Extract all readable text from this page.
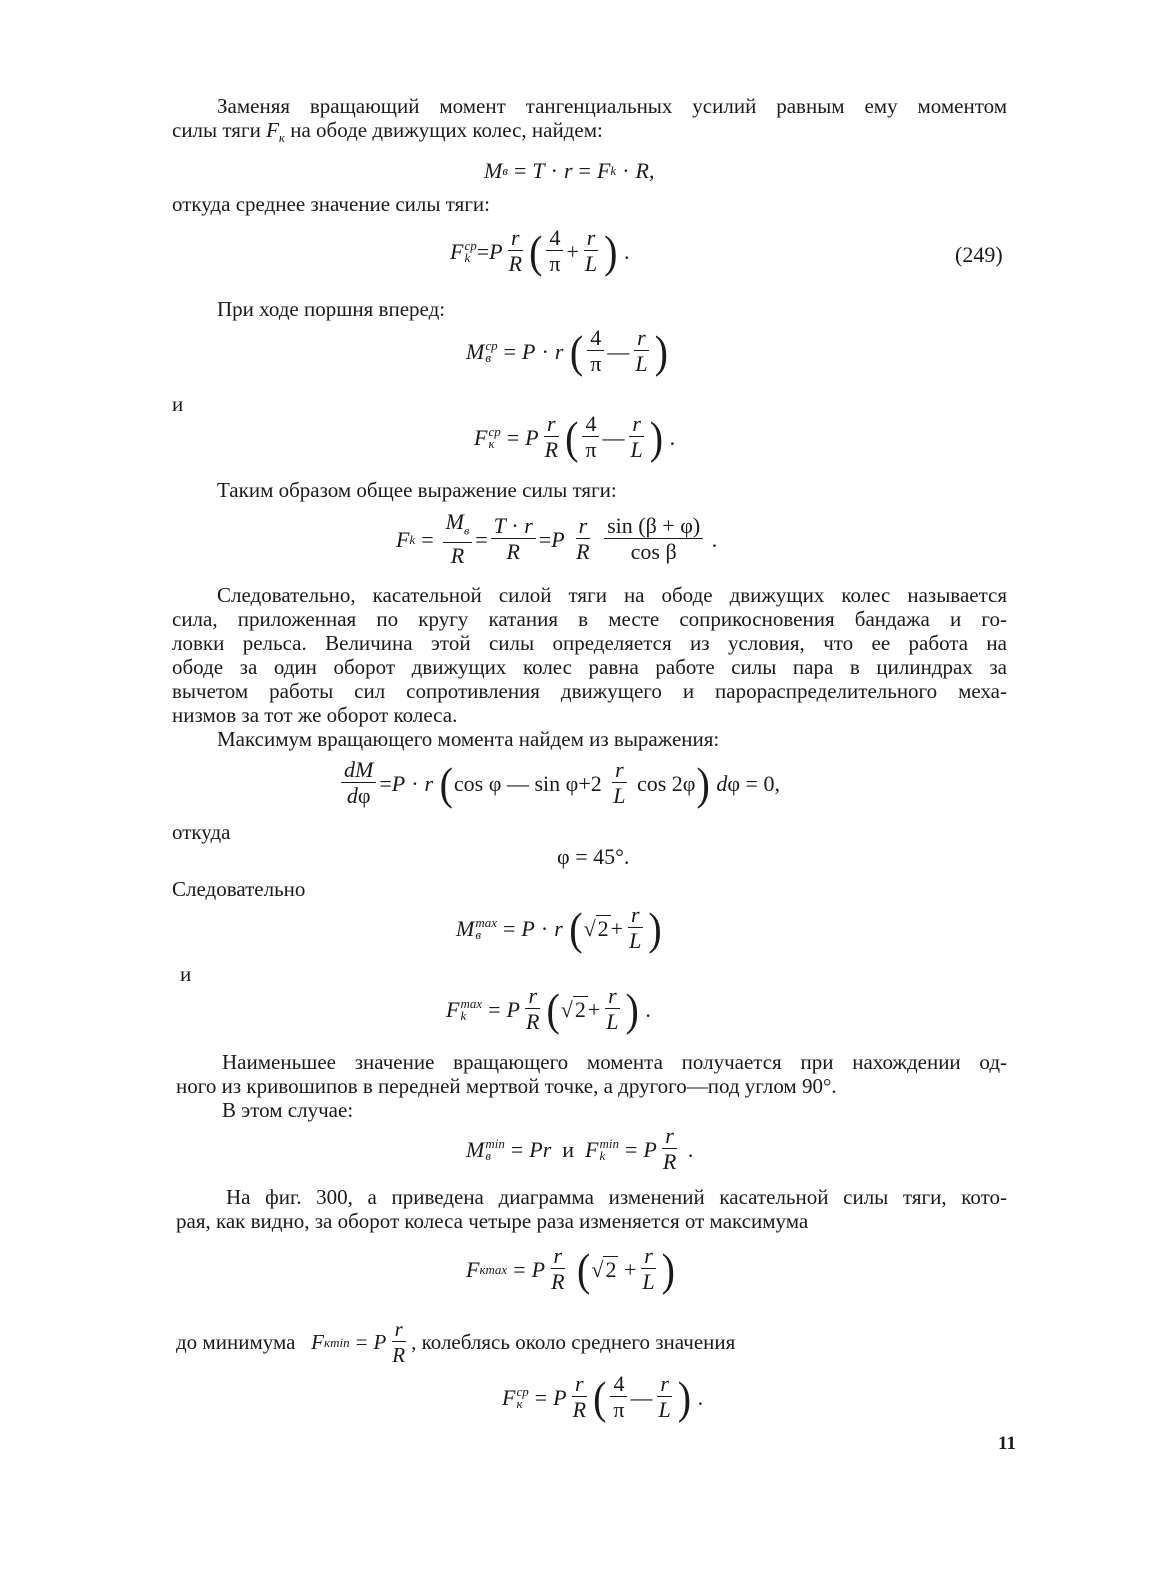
Заменяя вращающий момент тангенциальных усилий равным ему моментом
силы тяги $F_к$ на ободе движущих колес, найдем:
M в = T · r = F k · R ,
откуда среднее значение силы тяги:
F ср
k = P $\frac{r}{R}$ ( $\frac{4}{\pi} + \frac{r}{L}$ ) .	(249)
При ходе поршня вперед:
M ср
в = P · r
( $\frac{4}{\pi}$ — $\frac{r}{L}$ )
и
F ср
к = P $\frac{r}{R}$ ( $\frac{4}{\pi}$ — $\frac{r}{L}$ ) .
Таким образом общее выражение силы тяги:
F $k = \frac{M_в}{R} = \frac{T \cdot r}{R} = P$
$\frac{r}{R}$
$\frac{\sin (\beta + \varphi)}{\text{cos β}}$ .
Следовательно, касательной силой тяги на ободе движущих колес называется
сила, приложенная по кругу катания в месте соприкосновения бандажа и го-
ловки рельса. Величина этой силы определяется из условия, что ее работа на
ободе за один оборот движущих колес равна работе силы пара в цилиндрах за
вычетом работы сил сопротивления движущего и парораспределительного меха-
низмов за тот же оборот колеса.
Максимум вращающего момента найдем из выражения:
$\frac{dM}{d\varphi} = P \cdot r$
( cos φ — $\sin \varphi+2 \frac{r}{L}$ cos 2φ )
d φ = 0,
откуда
φ = 45°.
Следовательно
M max
в	= P · r
( $√2 + \frac{r}{L}$ )
и
F max
k = P $\frac{r}{R}$ ( $√2 + \frac{r}{L}$ ) .
Наименьшее значение вращающего момента получается при нахождении од-
ного из кривошипов в передней мертвой точке, а другого—под углом 90°.
В этом случае:
M min
в = Pr
и
F min
k = P $\frac{r}{R}$ .
На фиг. 300, а приведена диаграмма изменений касательной силы тяги, кото-
рая, как видно, за оборот колеса четыре раза изменяется от максимума
F к max = P $\frac{r}{R}$
( $√2 + \frac{r}{L}$ )
до минимума
F к min = P $\frac{r}{R}$ , колеблясь около среднего значения
F ср
к = P $\frac{r}{R}$ ( $\frac{4}{\pi}$ — $\frac{r}{L}$ ) .
11
